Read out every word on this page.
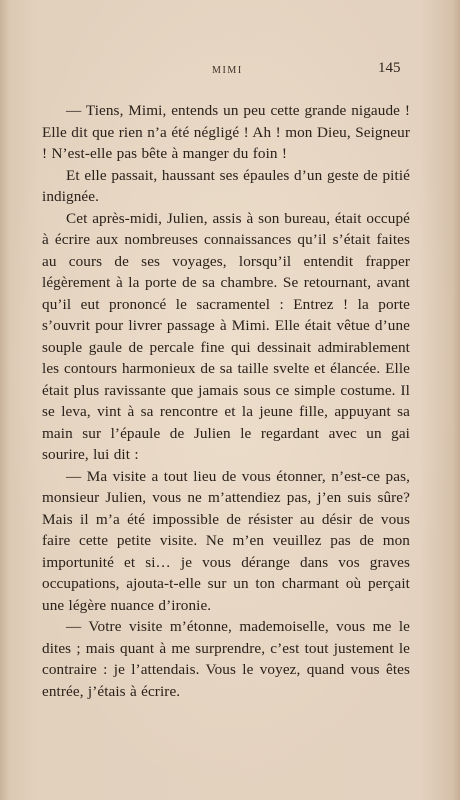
MIMI	145

— Tiens, Mimi, entends un peu cette grande nigaude ! Elle dit que rien n’a été négligé ! Ah ! mon Dieu, Seigneur ! N’est-elle pas bête à manger du foin !

Et elle passait, haussant ses épaules d’un geste de pitié indignée.

Cet après-midi, Julien, assis à son bureau, était occupé à écrire aux nombreuses connaissances qu’il s’était faites au cours de ses voyages, lorsqu’il entendit frapper légèrement à la porte de sa chambre. Se retournant, avant qu’il eut prononcé le sacramentel : Entrez ! la porte s’ouvrit pour livrer passage à Mimi. Elle était vêtue d’une souple gaule de percale fine qui dessinait admirablement les contours harmonieux de sa taille svelte et élancée. Elle était plus ravissante que jamais sous ce simple costume. Il se leva, vint à sa rencontre et la jeune fille, appuyant sa main sur l’épaule de Julien le regardant avec un gai sourire, lui dit :

— Ma visite a tout lieu de vous étonner, n’est-ce pas, monsieur Julien, vous ne m’attendiez pas, j’en suis sûre? Mais il m’a été impossible de résister au désir de vous faire cette petite visite. Ne m’en veuillez pas de mon importunité et si… je vous dérange dans vos graves occupations, ajouta-t-elle sur un ton charmant où perçait une légère nuance d’ironie.

— Votre visite m’étonne, mademoiselle, vous me le dites ; mais quant à me surprendre, c’est tout justement le contraire : je l’attendais. Vous le voyez, quand vous êtes entrée, j’étais à écrire.
